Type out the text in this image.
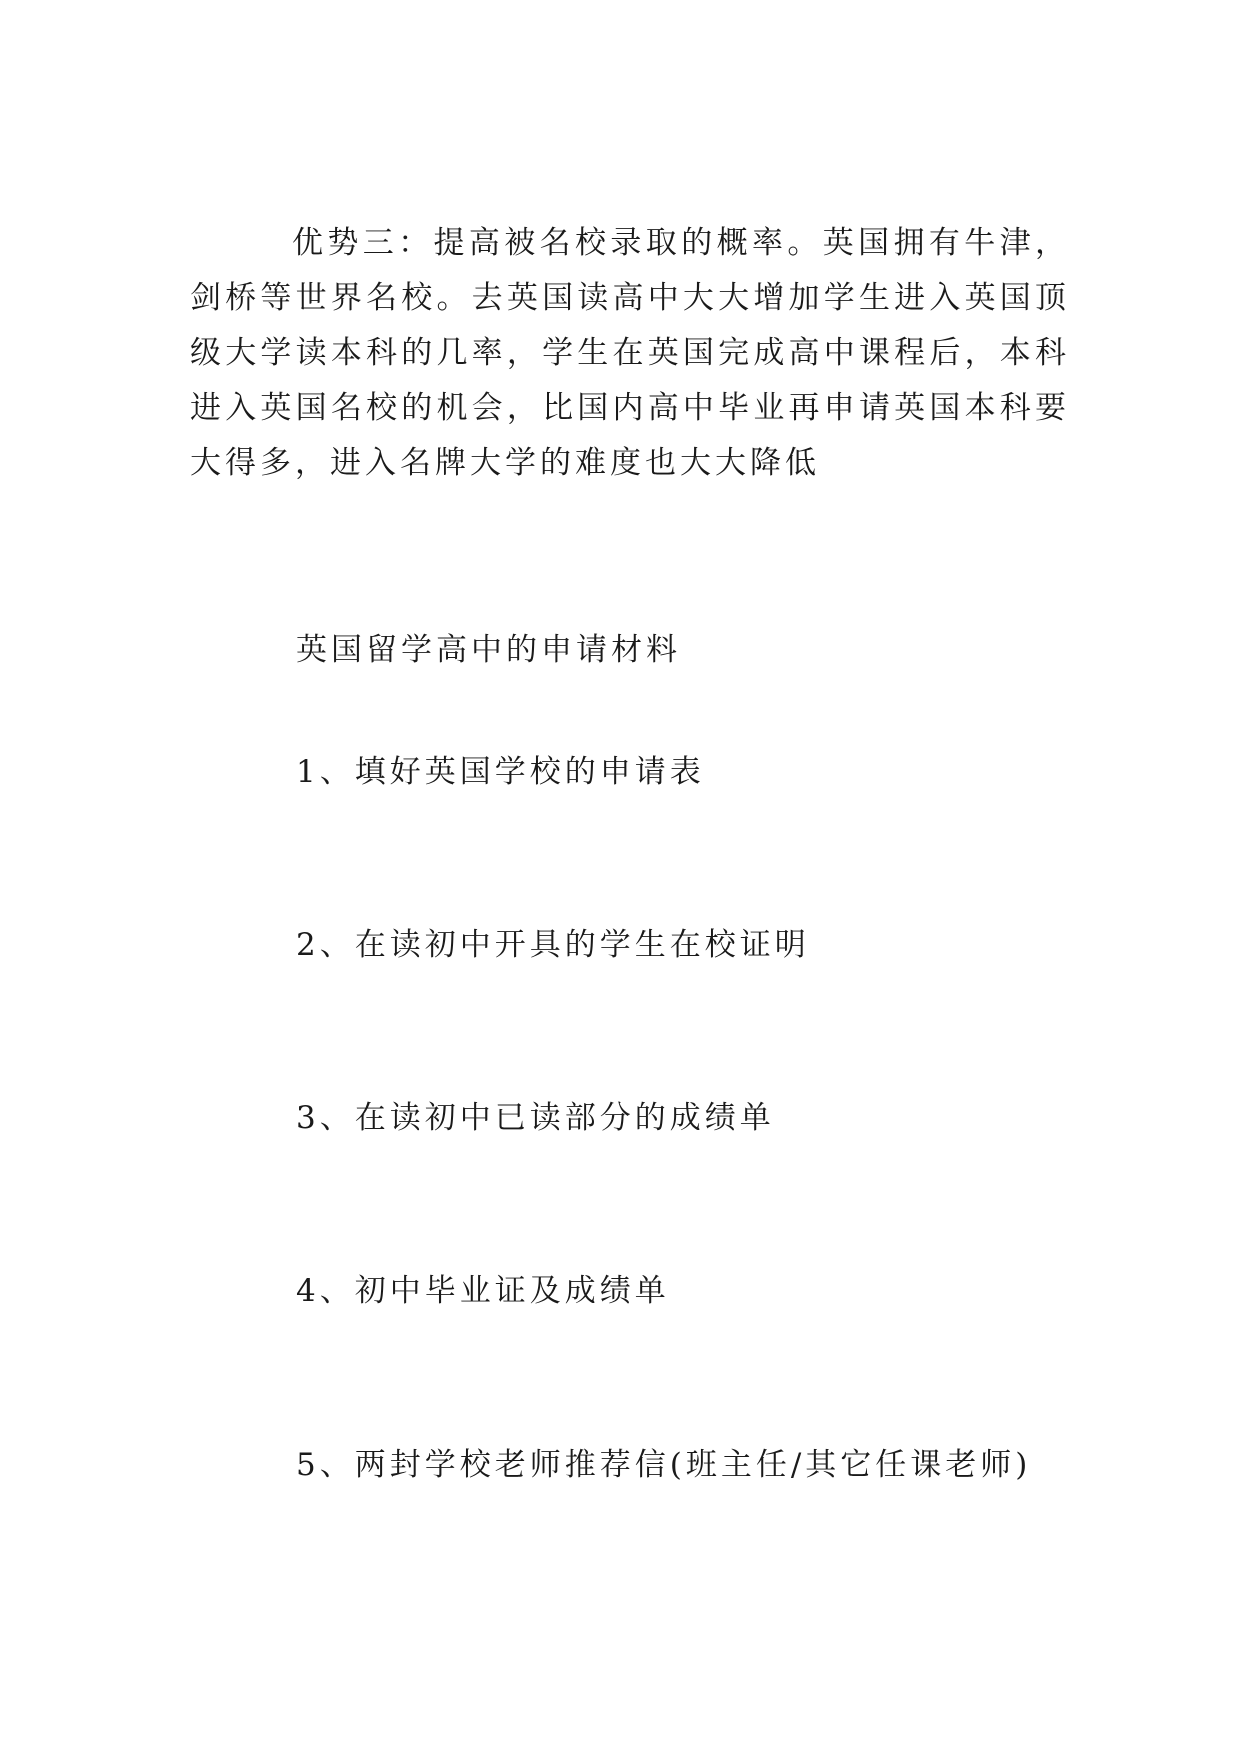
优势三：提高被名校录取的概率。英国拥有牛津，剑桥等世界名校。去英国读高中大大增加学生进入英国顶级大学读本科的几率，学生在英国完成高中课程后，本科进入英国名校的机会，比国内高中毕业再申请英国本科要大得多，进入名牌大学的难度也大大降低

英国留学高中的申请材料
1、填好英国学校的申请表
2、在读初中开具的学生在校证明
3、在读初中已读部分的成绩单
4、初中毕业证及成绩单
5、两封学校老师推荐信(班主任/其它任课老师)
